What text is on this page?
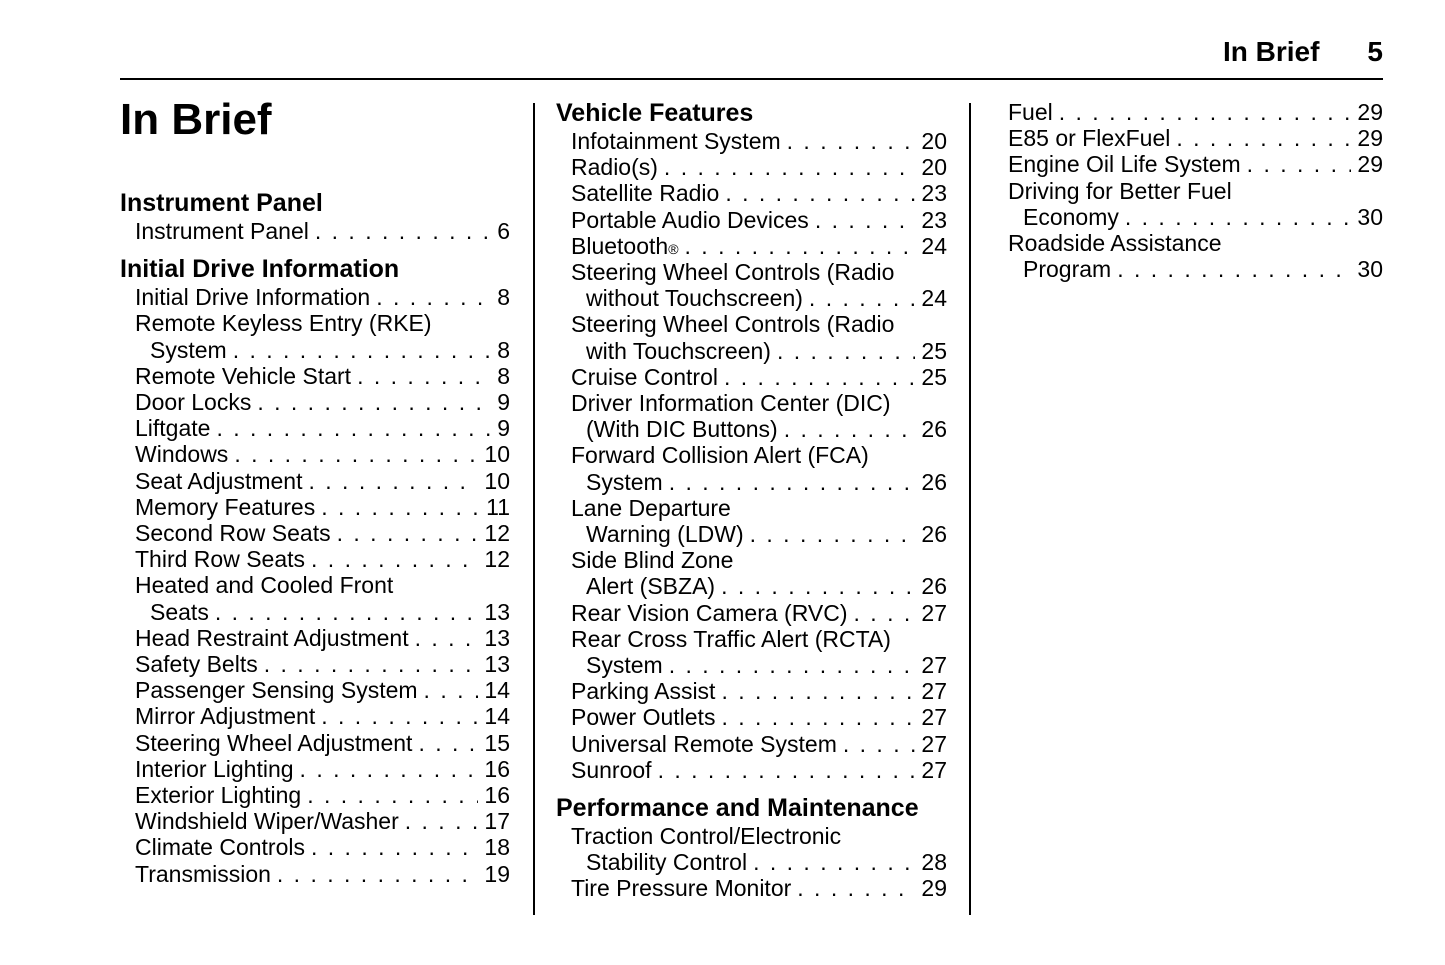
In Brief 5
In Brief
Instrument Panel
Instrument Panel . . .	6
Initial Drive Information
Initial Drive Information . . .	8
Remote Keyless Entry (RKE)
System . . .	8
Remote Vehicle Start . . .	8
Door Locks . . .	9
Liftgate . . .	9
Windows . . .	10
Seat Adjustment . . .	10
Memory Features . . .	11
Second Row Seats . . .	12
Third Row Seats . . .	12
Heated and Cooled Front
Seats . . .	13
Head Restraint Adjustment . . .	13
Safety Belts . . .	13
Passenger Sensing System . . .	14
Mirror Adjustment . . .	14
Steering Wheel Adjustment . . .	15
Interior Lighting . . .	16
Exterior Lighting . . .	16
Windshield Wiper/Washer . . .	17
Climate Controls . . .	18
Transmission . . .	19
Vehicle Features
Infotainment System . . .	20
Radio(s) . . .	20
Satellite Radio . . .	23
Portable Audio Devices . . .	23
Bluetooth ® . . .	24
Steering Wheel Controls (Radio
without Touchscreen) . . .	24
Steering Wheel Controls (Radio
with Touchscreen) . . .	25
Cruise Control . . .	25
Driver Information Center (DIC)
(With DIC Buttons) . . .	26
Forward Collision Alert (FCA)
System . . .	26
Lane Departure
Warning (LDW) . . .	26
Side Blind Zone
Alert (SBZA) . . .	26
Rear Vision Camera (RVC) . . .	27
Rear Cross Traffic Alert (RCTA)
System . . .	27
Parking Assist . . .	27
Power Outlets . . .	27
Universal Remote System . . .	27
Sunroof . . .	27
Performance and Maintenance
Traction Control/Electronic
Stability Control . . .	28
Tire Pressure Monitor . . .	29
Fuel . . .	29
E85 or FlexFuel . . .	29
Engine Oil Life System . . .	29
Driving for Better Fuel
Economy . . .	30
Roadside Assistance
Program . . .	30
